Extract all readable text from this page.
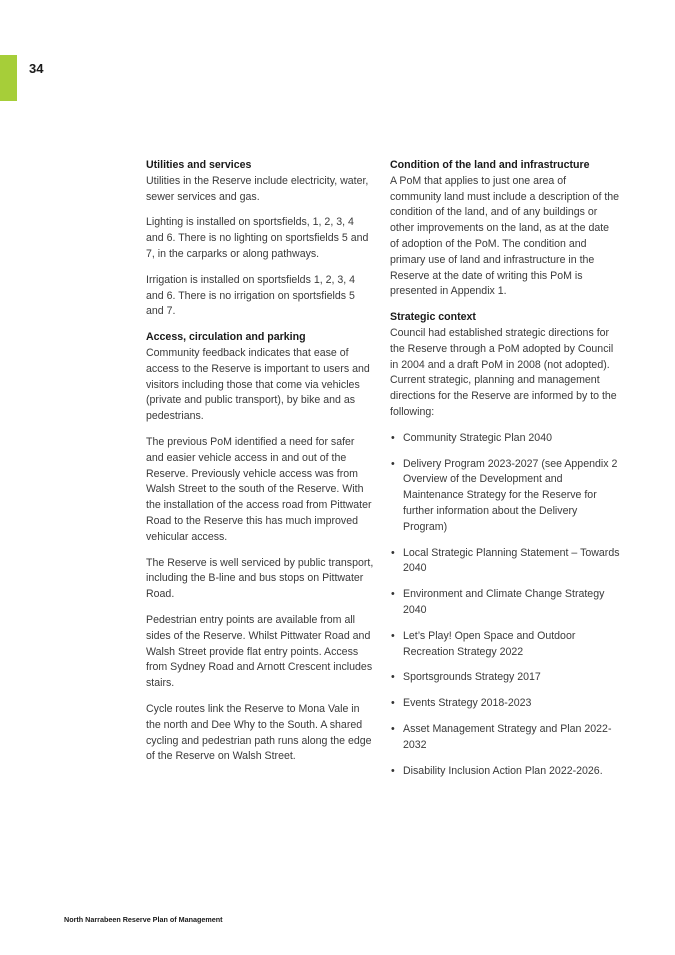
34

Utilities and services

Utilities in the Reserve include electricity, water, sewer services and gas.

Lighting is installed on sportsfields, 1, 2, 3, 4 and 6. There is no lighting on sportsfields 5 and 7, in the carparks or along pathways.

Irrigation is installed on sportsfields 1, 2, 3, 4 and 6. There is no irrigation on sportsfields 5 and 7.

Access, circulation and parking

Community feedback indicates that ease of access to the Reserve is important to users and visitors including those that come via vehicles (private and public transport), by bike and as pedestrians.

The previous PoM identified a need for safer and easier vehicle access in and out of the Reserve. Previously vehicle access was from Walsh Street to the south of the Reserve. With the installation of the access road from Pittwater Road to the Reserve this has much improved vehicular access.

The Reserve is well serviced by public transport, including the B-line and bus stops on Pittwater Road.

Pedestrian entry points are available from all sides of the Reserve. Whilst Pittwater Road and Walsh Street provide flat entry points. Access from Sydney Road and Arnott Crescent includes stairs.

Cycle routes link the Reserve to Mona Vale in the north and Dee Why to the South. A shared cycling and pedestrian path runs along the edge of the Reserve on Walsh Street.

Condition of the land and infrastructure

A PoM that applies to just one area of community land must include a description of the condition of the land, and of any buildings or other improvements on the land, as at the date of adoption of the PoM. The condition and primary use of land and infrastructure in the Reserve at the date of writing this PoM is presented in Appendix 1.

Strategic context

Council had established strategic directions for the Reserve through a PoM adopted by Council in 2004 and a draft PoM in 2008 (not adopted). Current strategic, planning and management directions for the Reserve are informed by to the following:

• Community Strategic Plan 2040
• Delivery Program 2023-2027 (see Appendix 2 Overview of the Development and Maintenance Strategy for the Reserve for further information about the Delivery Program)
• Local Strategic Planning Statement – Towards 2040
• Environment and Climate Change Strategy 2040
• Let’s Play! Open Space and Outdoor Recreation Strategy 2022
• Sportsgrounds Strategy 2017
• Events Strategy 2018-2023
• Asset Management Strategy and Plan 2022-2032
• Disability Inclusion Action Plan 2022-2026.
North Narrabeen Reserve Plan of Management
